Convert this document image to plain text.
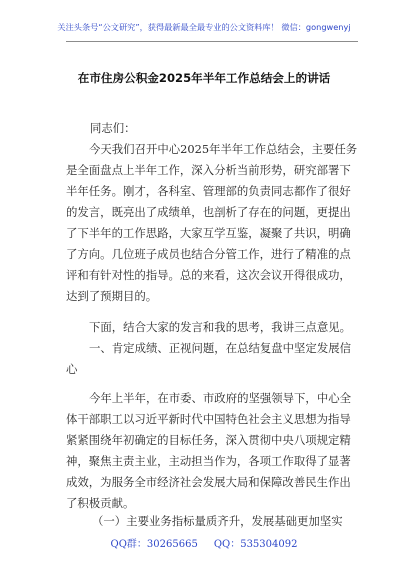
关注头条号“公文研究”，获得最新最全最专业的公文资料库！ 微信：gongwenyj
在市住房公积金2025年半年工作总结会上的讲话
同志们：
今天我们召开中心2025年半年工作总结会，主要任务
是全面盘点上半年工作，深入分析当前形势，研究部署下
半年任务。刚才，各科室、管理部的负责同志都作了很好
的发言，既亮出了成绩单，也剖析了存在的问题，更提出
了下半年的工作思路，大家互学互鉴，凝聚了共识，明确
了方向。几位班子成员也结合分管工作，进行了精准的点
评和有针对性的指导。总的来看，这次会议开得很成功，
达到了预期目的。
下面，结合大家的发言和我的思考，我讲三点意见。
一、肯定成绩、正视问题，在总结复盘中坚定发展信
心
今年上半年，在市委、市政府的坚强领导下，中心全
体干部职工以习近平新时代中国特色社会主义思想为指导
紧紧围绕年初确定的目标任务，深入贯彻中央八项规定精
神，聚焦主责主业，主动担当作为，各项工作取得了显著
成效，为服务全市经济社会发展大局和保障改善民生作出
了积极贡献。
（一）主要业务指标量质齐升，发展基础更加坚实
QQ群：30265665 QQ：535304092
